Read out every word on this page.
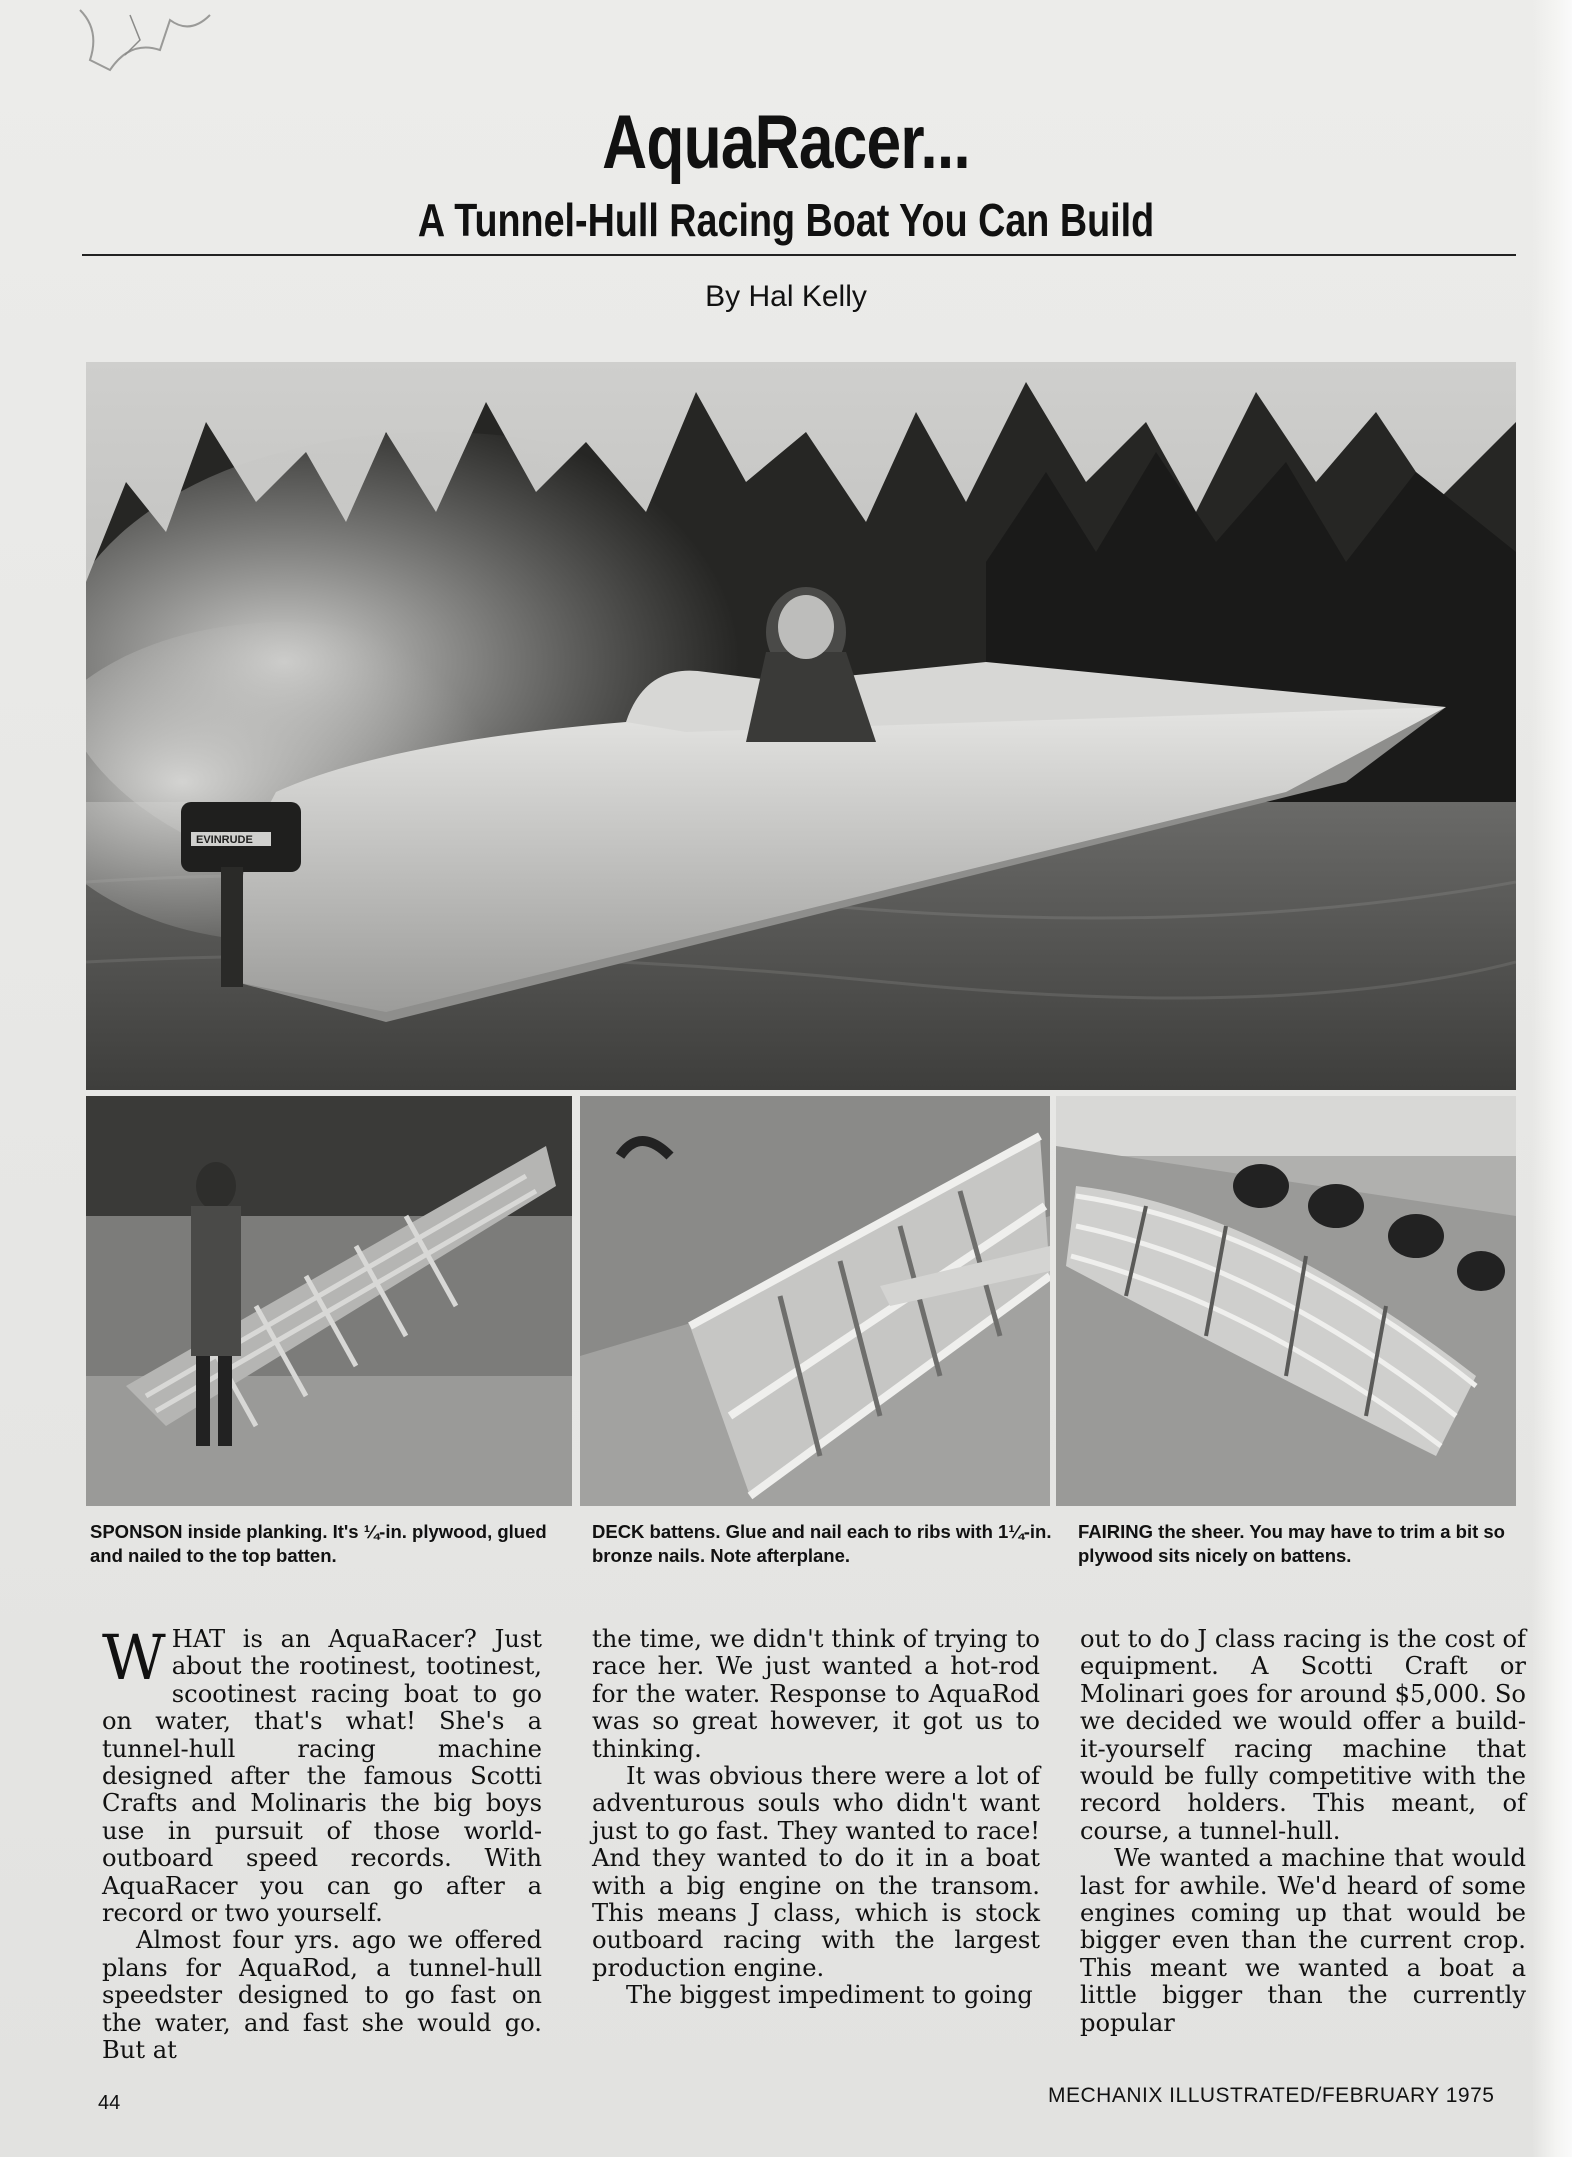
AquaRacer...
A Tunnel-Hull Racing Boat You Can Build
By Hal Kelly
EVINRUDE
SPONSON inside planking. It's ¼-in. plywood, glued and nailed to the top batten.
DECK battens. Glue and nail each to ribs with 1¼-in. bronze nails. Note afterplane.
FAIRING the sheer. You may have to trim a bit so plywood sits nicely on battens.

WHAT is an AquaRacer? Just about the rootinest, tootinest, scootinest racing boat to go on water, that's what! She's a tunnel-hull racing machine designed after the famous Scotti Crafts and Molinaris the big boys use in pursuit of those world-outboard speed records. With AquaRacer you can go after a record or two yourself.

Almost four yrs. ago we offered plans for AquaRod, a tunnel-hull speedster designed to go fast on the water, and fast she would go. But at

the time, we didn't think of trying to race her. We just wanted a hot-rod for the water. Response to AquaRod was so great however, it got us to thinking.

It was obvious there were a lot of adventurous souls who didn't want just to go fast. They wanted to race! And they wanted to do it in a boat with a big engine on the transom. This means J class, which is stock outboard racing with the largest production engine.

The biggest impediment to going

out to do J class racing is the cost of equipment. A Scotti Craft or Molinari goes for around $5,000. So we decided we would offer a build-it-yourself racing machine that would be fully competitive with the record holders. This meant, of course, a tunnel-hull.

We wanted a machine that would last for awhile. We'd heard of some engines coming up that would be bigger even than the current crop. This meant we wanted a boat a little bigger than the currently popular

44	MECHANIX ILLUSTRATED/FEBRUARY 1975
